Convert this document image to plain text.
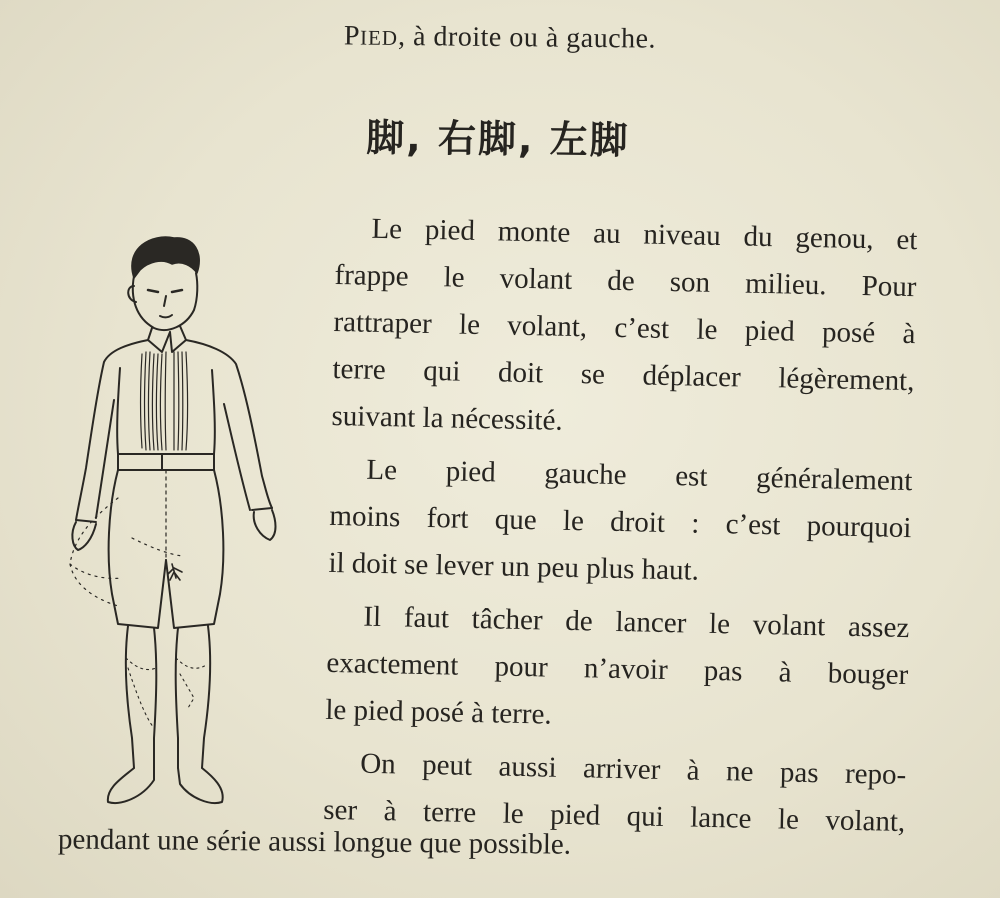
PIED, à droite ou à gauche.
脚, 右脚, 左脚

Le pied monte au niveau du genou, et
frappe le volant de son milieu. Pour
rattraper le volant, c’est le pied posé à
terre qui doit se déplacer légèrement,
suivant la nécessité.

Le pied gauche est généralement
moins fort que le droit : c’est pourquoi
il doit se lever un peu plus haut.

Il faut tâcher de lancer le volant assez
exactement pour n’avoir pas à bouger
le pied posé à terre.

On peut aussi arriver à ne pas repo-
ser à terre le pied qui lance le volant,

pendant une série aussi longue que possible.
